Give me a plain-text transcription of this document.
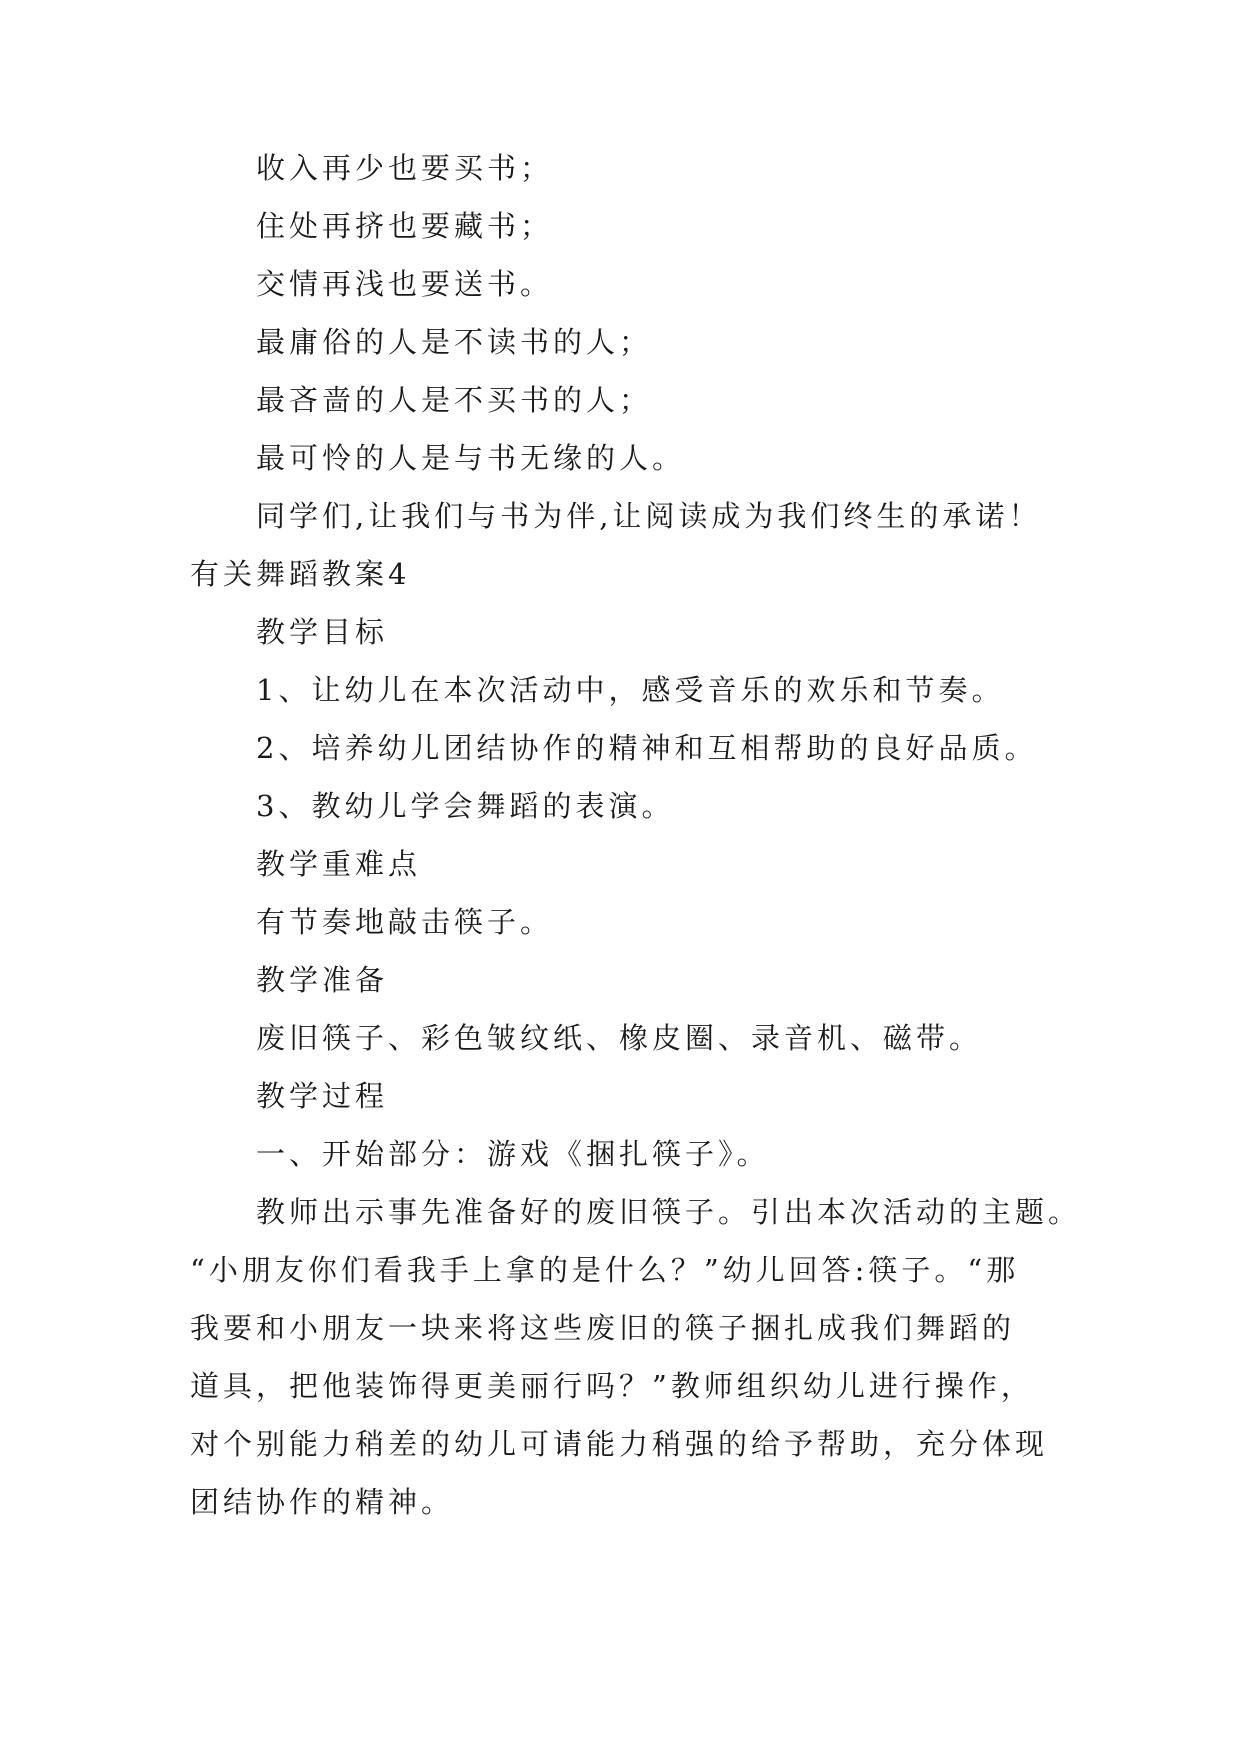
收入再少也要买书；
住处再挤也要藏书；
交情再浅也要送书。
最庸俗的人是不读书的人；
最吝啬的人是不买书的人；
最可怜的人是与书无缘的人。
同学们,让我们与书为伴,让阅读成为我们终生的承诺！
有关舞蹈教案4
教学目标
1、让幼儿在本次活动中，感受音乐的欢乐和节奏。
2、培养幼儿团结协作的精神和互相帮助的良好品质。
3、教幼儿学会舞蹈的表演。
教学重难点
有节奏地敲击筷子。
教学准备
废旧筷子、彩色皱纹纸、橡皮圈、录音机、磁带。
教学过程
一、开始部分：游戏《捆扎筷子》。
教师出示事先准备好的废旧筷子。引出本次活动的主题。
“小朋友你们看我手上拿的是什么？”幼儿回答:筷子。“那
我要和小朋友一块来将这些废旧的筷子捆扎成我们舞蹈的
道具，把他装饰得更美丽行吗？”教师组织幼儿进行操作，
对个别能力稍差的幼儿可请能力稍强的给予帮助，充分体现
团结协作的精神。
